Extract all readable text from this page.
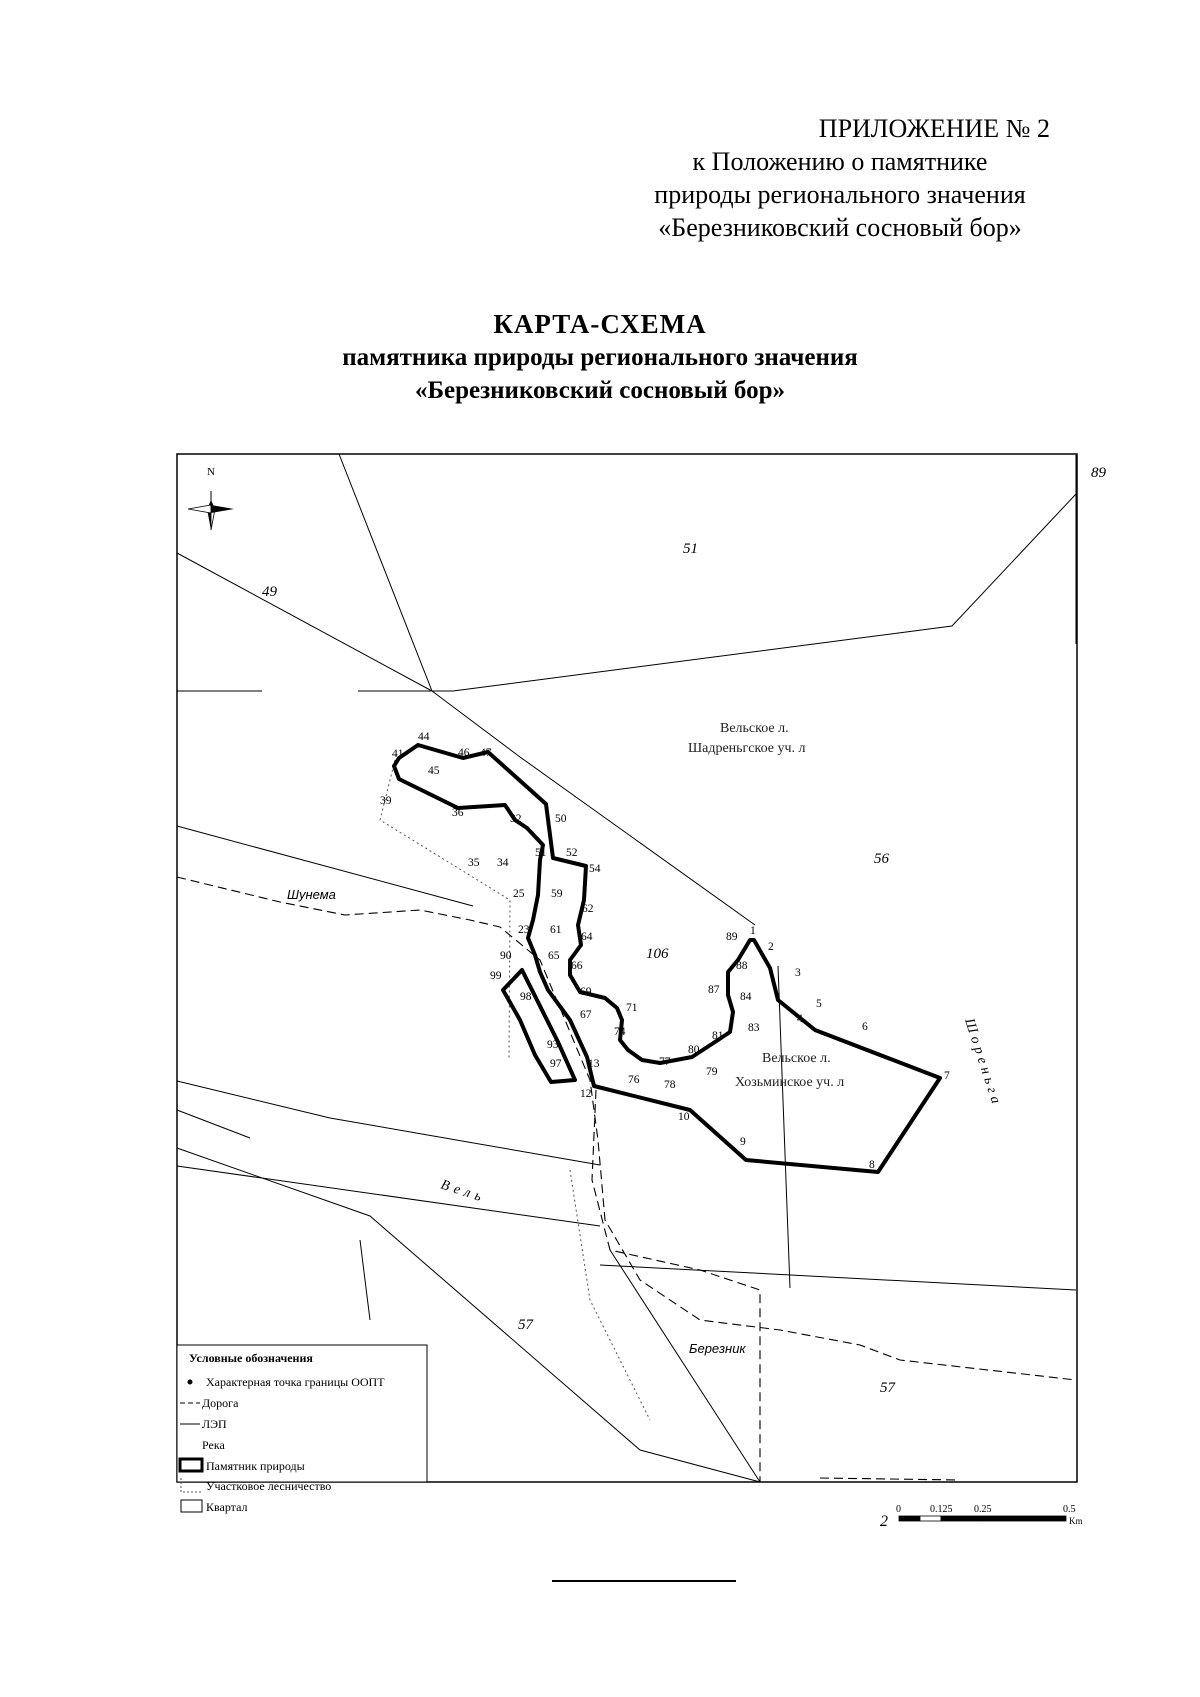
ПРИЛОЖЕНИЕ № 2
к Положению о памятнике
природы регионального значения
«Березниковский сосновый бор»
КАРТА-СХЕМА
памятника природы регионального значения
«Березниковский сосновый бор»
N	89
51
49
56
106
57
57
Вельское л.
Шадреньгское уч. л
Вельское л.
Хозьминское уч. л
Шунема
Березник
Вель
Шореньга
44
41	46 47
45
39
36	32	50
35 34
51 52
54
25 59
62
23 61
64
90	65
89 1
2
88
99
66
3
69	87
98	84
71	5
67	4
74	83	6
81
93	80
77
97 13
79
76 78
7
12
10
9
8
Условные обозначения
Характерная точка границы ООПТ
Дорога
ЛЭП
Река
Памятник природы
Участковое лесничество
Квартал
2
0	0.125 0.25	0.5
Km
